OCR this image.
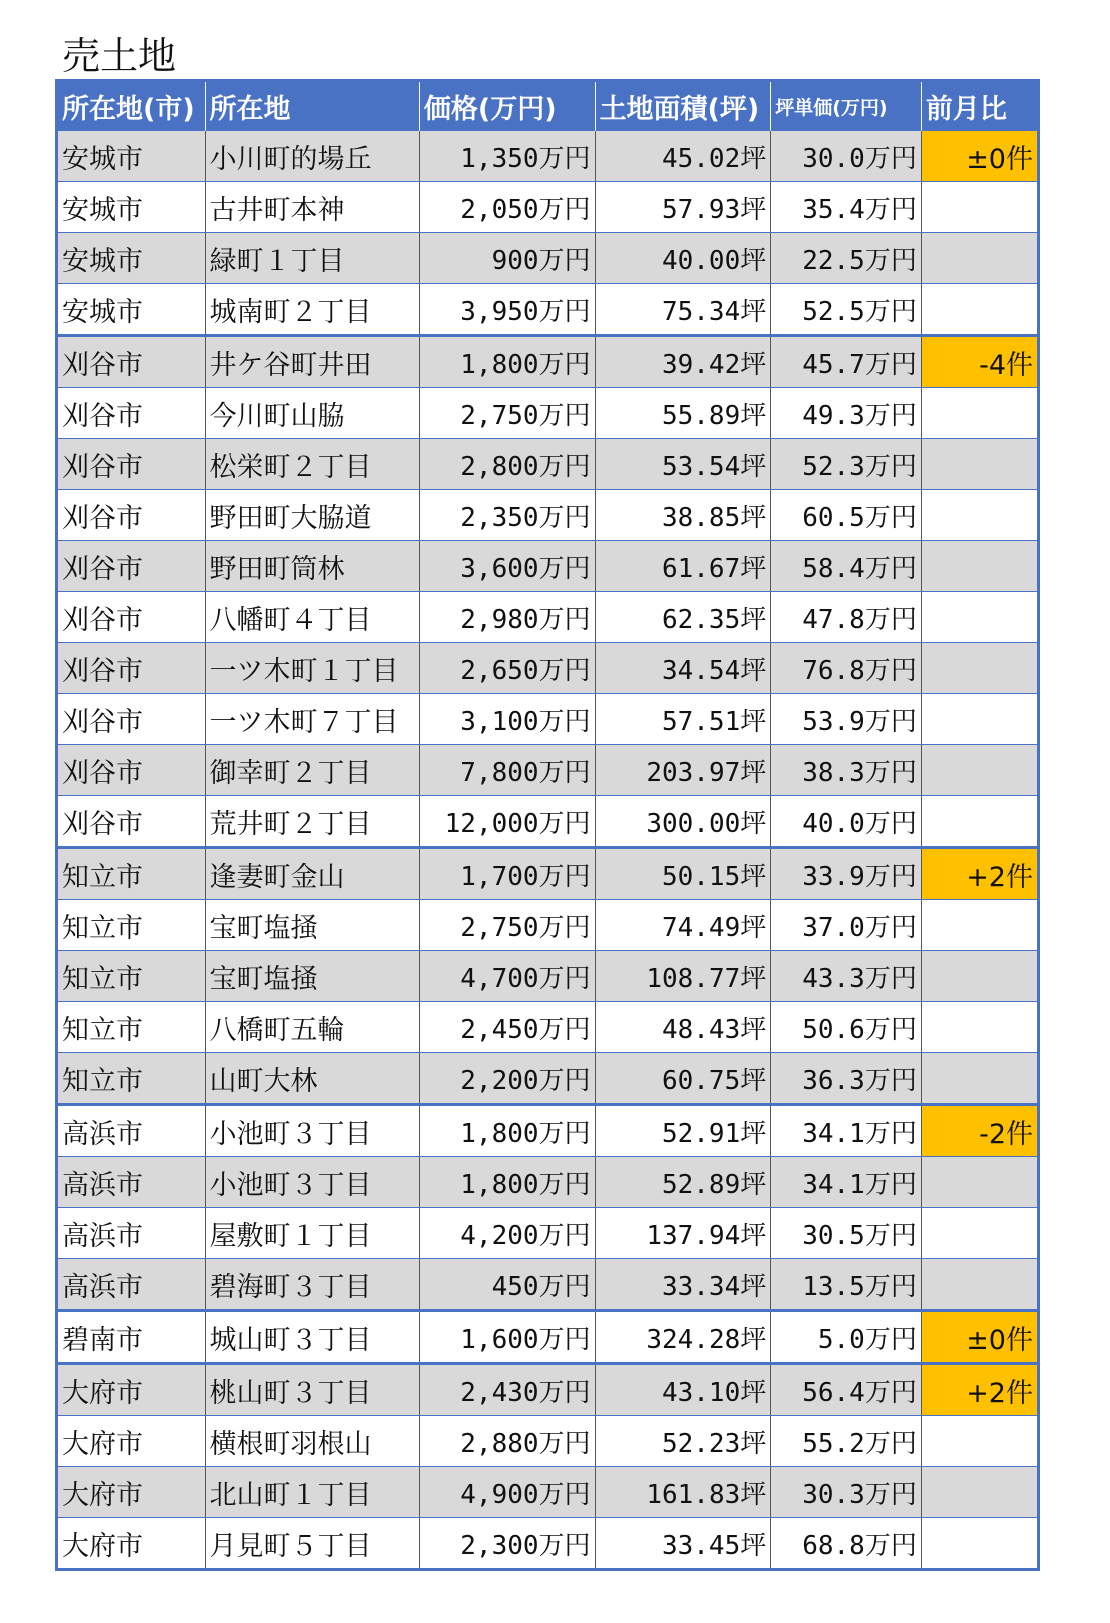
売土地
所在地(市)	所在地	価格(万円)	土地面積(坪)	坪単価(万円)	前月比
安城市	小川町的場丘	1,350万円	45.02坪	30.0万円	±0件
安城市	古井町本神	2,050万円	57.93坪	35.4万円	
安城市	緑町１丁目	900万円	40.00坪	22.5万円	
安城市	城南町２丁目	3,950万円	75.34坪	52.5万円	
刈谷市	井ケ谷町井田	1,800万円	39.42坪	45.7万円	-4件
刈谷市	今川町山脇	2,750万円	55.89坪	49.3万円	
刈谷市	松栄町２丁目	2,800万円	53.54坪	52.3万円	
刈谷市	野田町大脇道	2,350万円	38.85坪	60.5万円	
刈谷市	野田町筒林	3,600万円	61.67坪	58.4万円	
刈谷市	八幡町４丁目	2,980万円	62.35坪	47.8万円	
刈谷市	一ツ木町１丁目	2,650万円	34.54坪	76.8万円	
刈谷市	一ツ木町７丁目	3,100万円	57.51坪	53.9万円	
刈谷市	御幸町２丁目	7,800万円	203.97坪	38.3万円	
刈谷市	荒井町２丁目	12,000万円	300.00坪	40.0万円	
知立市	逢妻町金山	1,700万円	50.15坪	33.9万円	+2件
知立市	宝町塩掻	2,750万円	74.49坪	37.0万円	
知立市	宝町塩掻	4,700万円	108.77坪	43.3万円	
知立市	八橋町五輪	2,450万円	48.43坪	50.6万円	
知立市	山町大林	2,200万円	60.75坪	36.3万円	
高浜市	小池町３丁目	1,800万円	52.91坪	34.1万円	-2件
高浜市	小池町３丁目	1,800万円	52.89坪	34.1万円	
高浜市	屋敷町１丁目	4,200万円	137.94坪	30.5万円	
高浜市	碧海町３丁目	450万円	33.34坪	13.5万円	
碧南市	城山町３丁目	1,600万円	324.28坪	5.0万円	±0件
大府市	桃山町３丁目	2,430万円	43.10坪	56.4万円	+2件
大府市	横根町羽根山	2,880万円	52.23坪	55.2万円	
大府市	北山町１丁目	4,900万円	161.83坪	30.3万円	
大府市	月見町５丁目	2,300万円	33.45坪	68.8万円	
